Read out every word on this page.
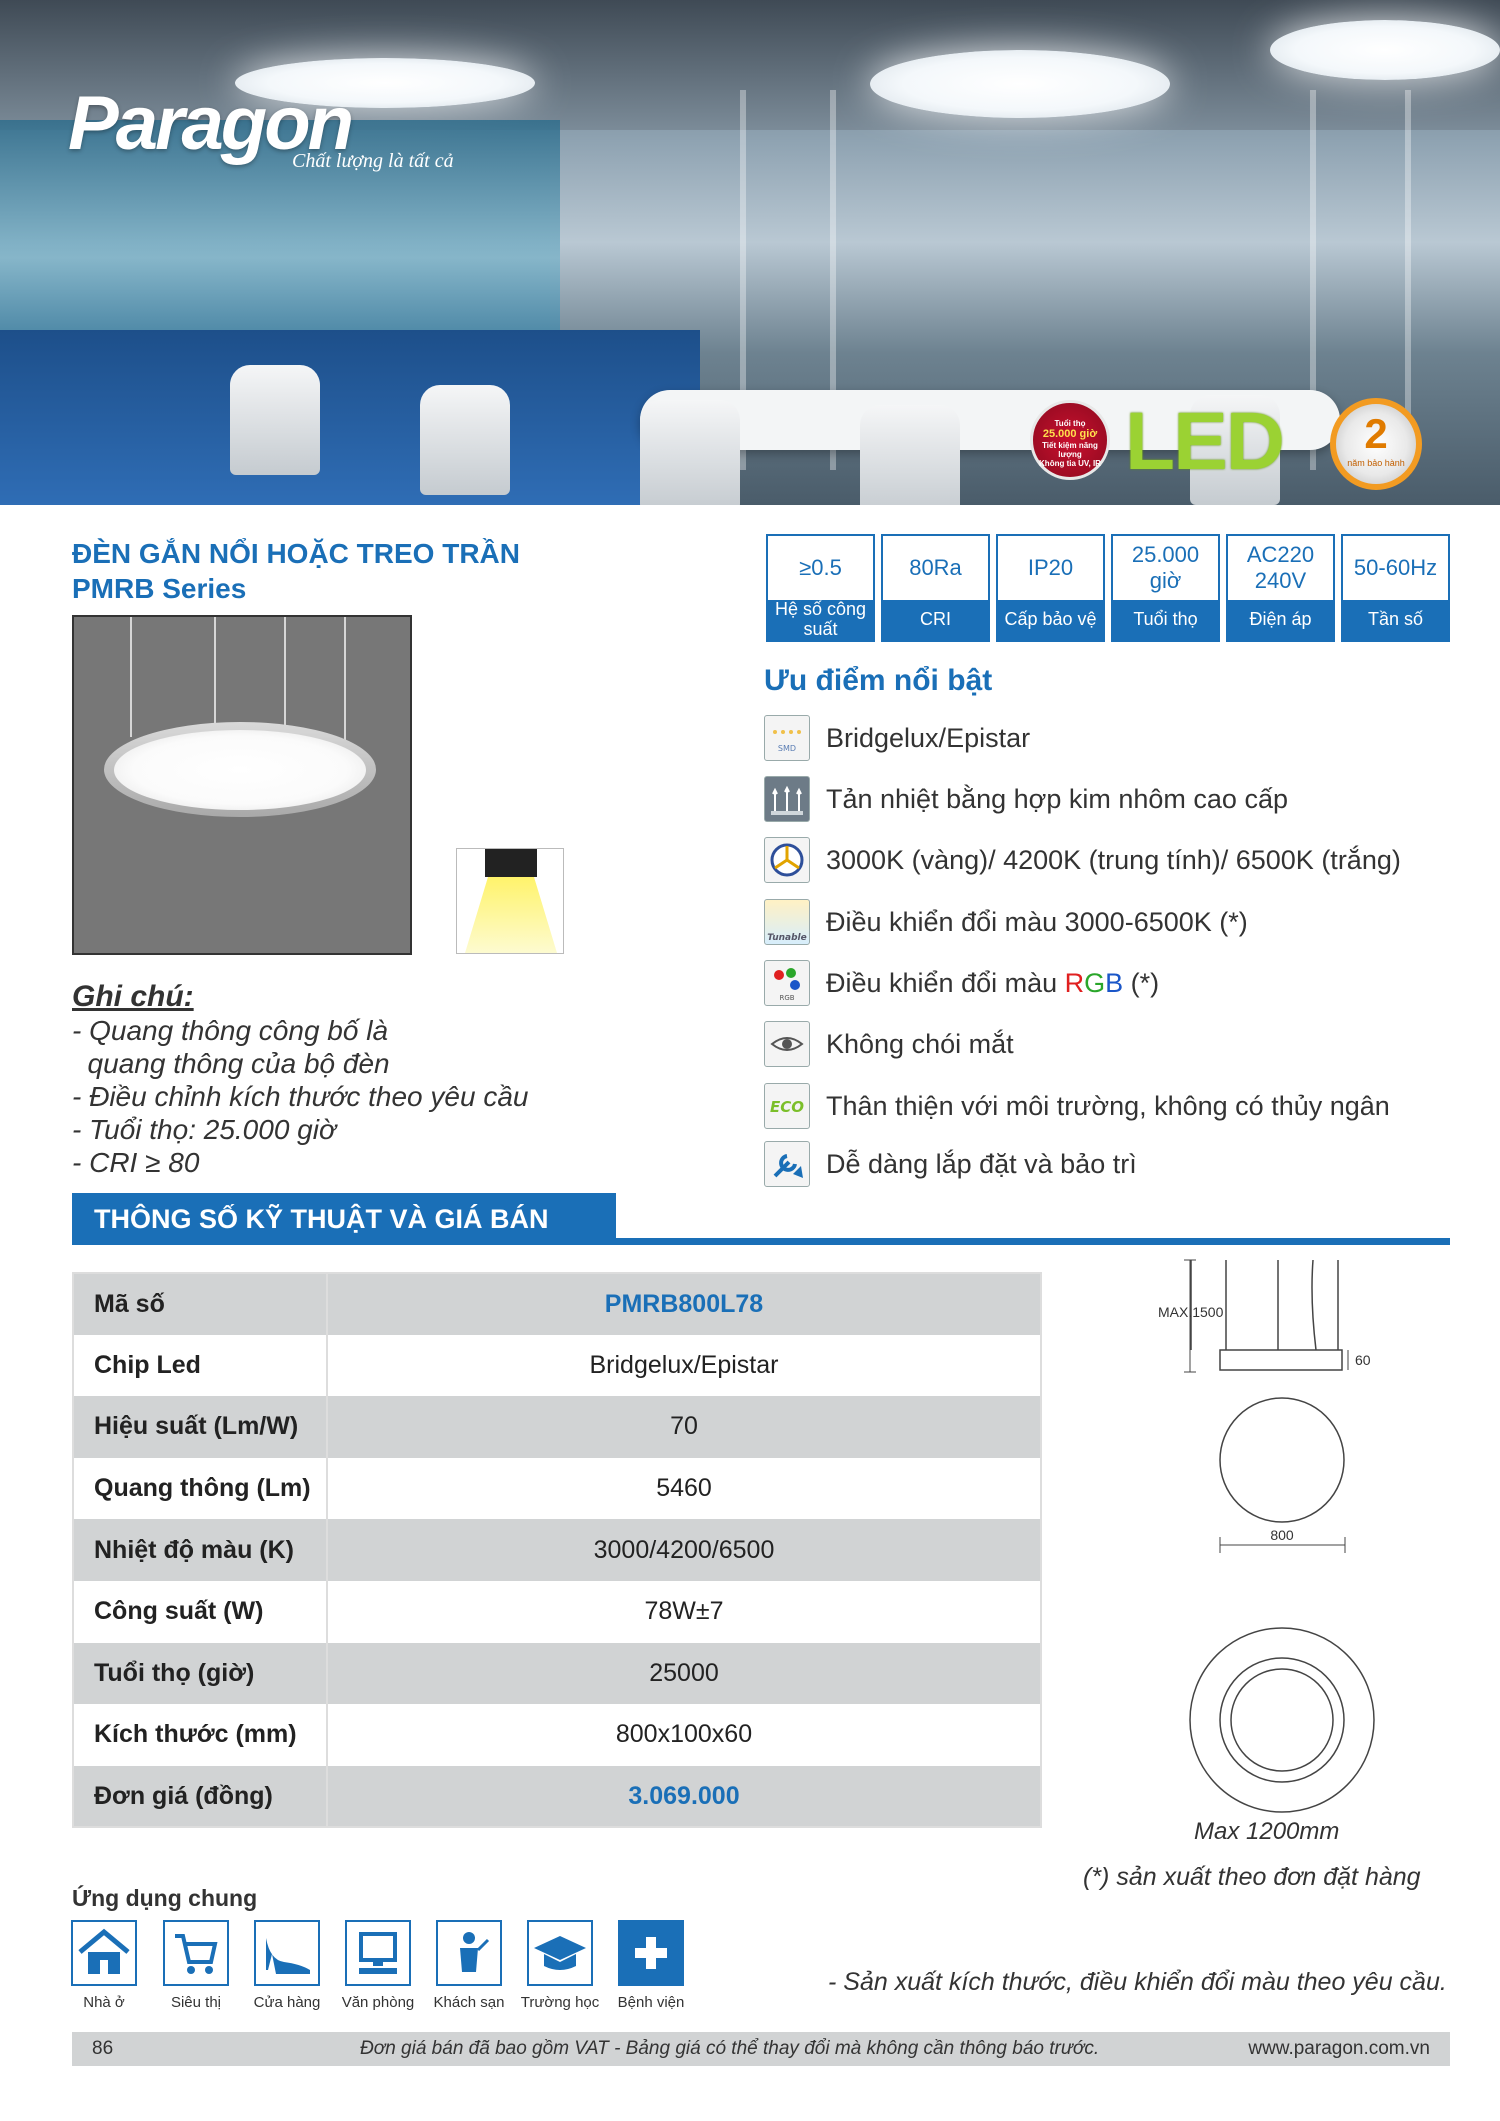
Paragon
Chất lượng là tất cả
Tuổi thọ

25.000 giờ
Tiết kiệm năng lượng
Không tia UV, IR LED	2
năm bảo hành
ĐÈN GẮN NỔI HOẶC TREO TRẦN
PMRB Series
Ghi chú:
- Quang thông công bố là
quang thông của bộ đèn
- Điều chỉnh kích thước theo yêu cầu
- Tuổi thọ: 25.000 giờ
- CRI ≥ 80
≥0.5
Hệ số công suất
80Ra
CRI
IP20
Cấp bảo vệ
25.000 giờ
Tuổi thọ
AC220 240V
Điện áp
50-60Hz
Tần số
Ưu điểm nổi bật
SMD Bridgelux/Epistar
Tản nhiệt bằng hợp kim nhôm cao cấp
3000K (vàng)/ 4200K (trung tính)/ 6500K (trắng)
Tunable
Điều khiển đổi màu 3000-6500K (*)
RGB
Điều khiển đổi màu RGB (*)
Không chói mắt
ECO Thân thiện với môi trường, không có thủy ngân
Dễ dàng lắp đặt và bảo trì
THÔNG SỐ KỸ THUẬT VÀ GIÁ BÁN
Mã số	PMRB800L78
Chip Led	Bridgelux/Epistar
Hiệu suất (Lm/W)	70
Quang thông (Lm)	5460
Nhiệt độ màu (K)	3000/4200/6500
Công suất (W)	78W±7
Tuổi thọ (giờ)	25000
Kích thước (mm)	800x100x60
Đơn giá (đồng)	3.069.000
MAX.1500
60
800
Max 1200mm
(*) sản xuất theo đơn đặt hàng
Ứng dụng chung
Nhà ở	Siêu thị	Cửa hàng	Văn phòng	Khách sạn	Trường học	Bệnh viện
- Sản xuất kích thước, điều khiển đổi màu theo yêu cầu.
86	Đơn giá bán đã bao gồm VAT - Bảng giá có thể thay đổi mà không cần thông báo trước.	www.paragon.com.vn
